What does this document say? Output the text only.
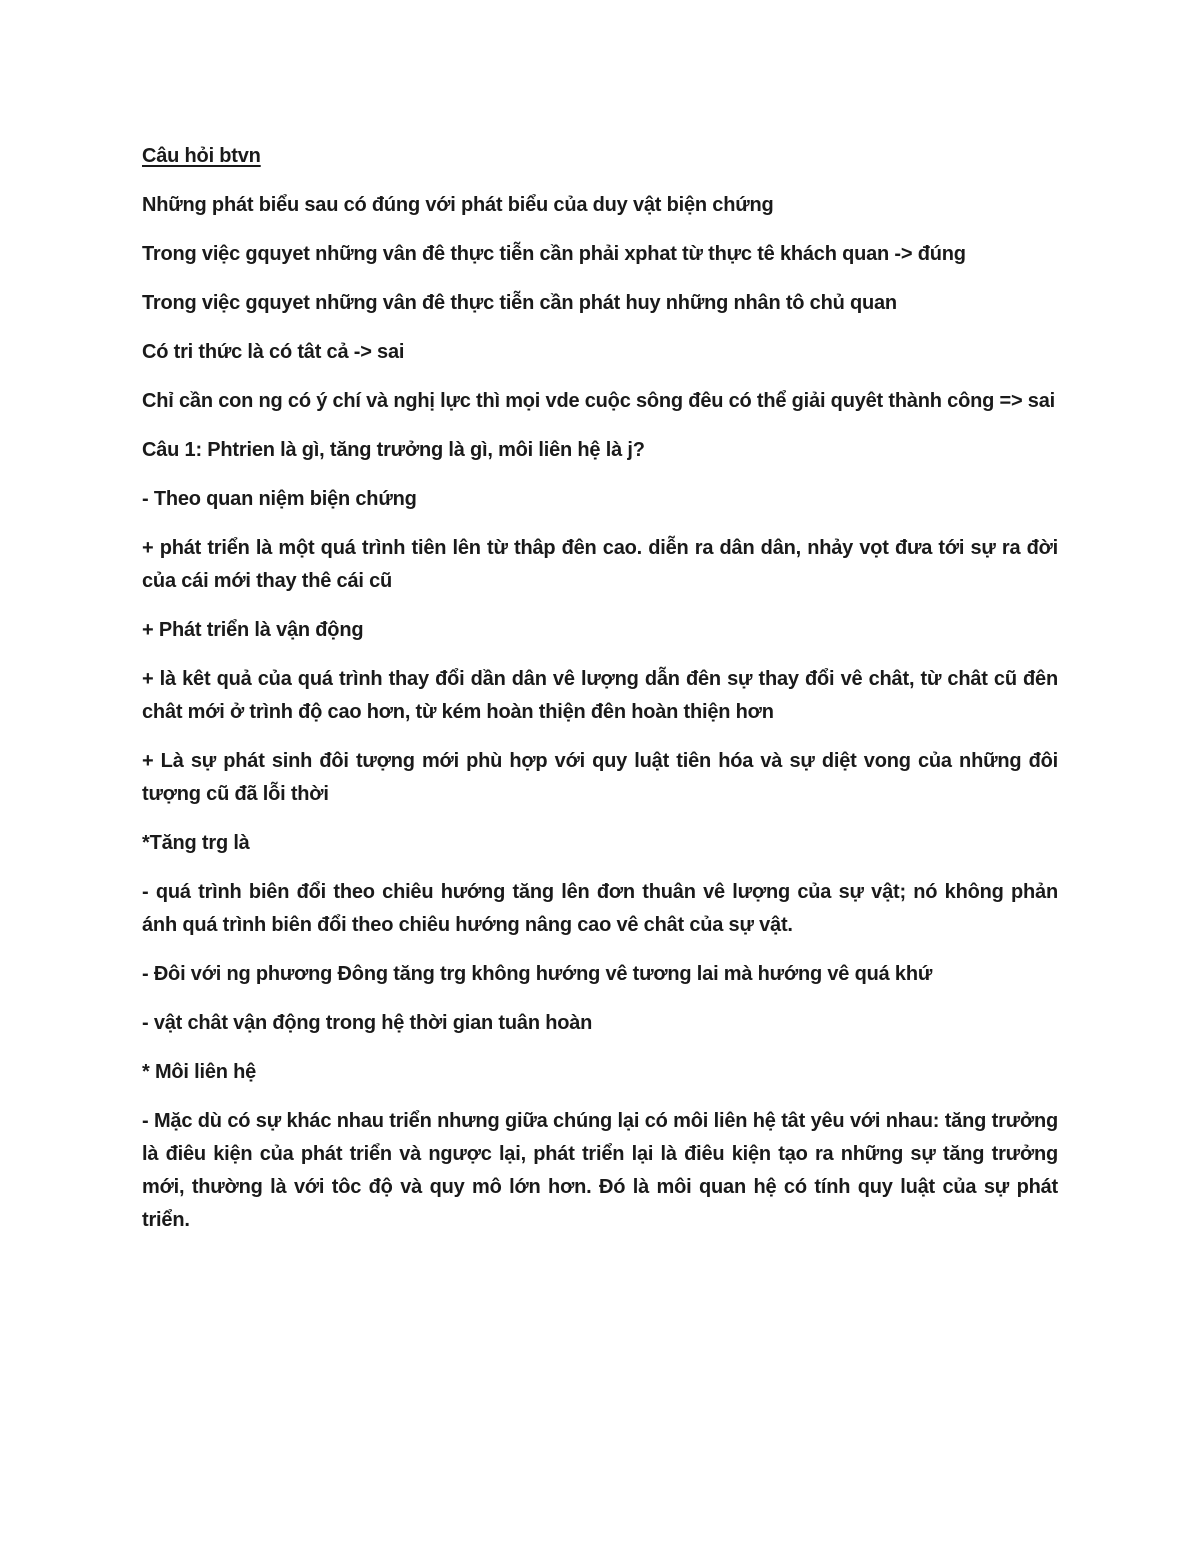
Câu hỏi btvn

Những phát biểu sau có đúng với phát biểu của duy vật biện chứng

Trong việc gquyet những vân đê thực tiễn cần phải xphat từ thực tê khách quan -> đúng

Trong việc gquyet những vân đê thực tiễn cần phát huy những nhân tô chủ quan

Có tri thức là có tât cả -> sai

Chỉ cần con ng có ý chí và nghị lực thì mọi vde cuộc sông đêu có thể giải quyêt thành công => sai

Câu 1: Phtrien là gì, tăng trưởng là gì, môi liên hệ là j?

- Theo quan niệm biện chứng

+ phát triển là một quá trình tiên lên từ thâp đên cao. diễn ra dân dân, nhảy vọt đưa tới sự ra đời của cái mới thay thê cái cũ

+ Phát triển là vận động

+ là kêt quả của quá trình thay đổi dần dân vê lượng dẫn đên sự thay đổi vê chât, từ chât cũ đên chât mới ở trình độ cao hơn, từ kém hoàn thiện đên hoàn thiện hơn

+ Là sự phát sinh đôi tượng mới phù hợp với quy luật tiên hóa và sự diệt vong của những đôi tượng cũ đã lỗi thời

*Tăng trg là

- quá trình biên đổi theo chiêu hướng tăng lên đơn thuân vê lượng của sự vật; nó không phản ánh quá trình biên đổi theo chiêu hướng nâng cao vê chât của sự vật.

- Đôi với ng phương Đông tăng trg không hướng vê tương lai mà hướng vê quá khứ

- vật chât vận động trong hệ thời gian tuân hoàn

* Môi liên hệ

- Mặc dù có sự khác nhau triển nhưng giữa chúng lại có môi liên hệ tât yêu với nhau: tăng trưởng là điêu kiện của phát triển và ngược lại, phát triển lại là điêu kiện tạo ra những sự tăng trưởng mới, thường là với tôc độ và quy mô lớn hơn. Đó là môi quan hệ có tính quy luật của sự phát triển.
